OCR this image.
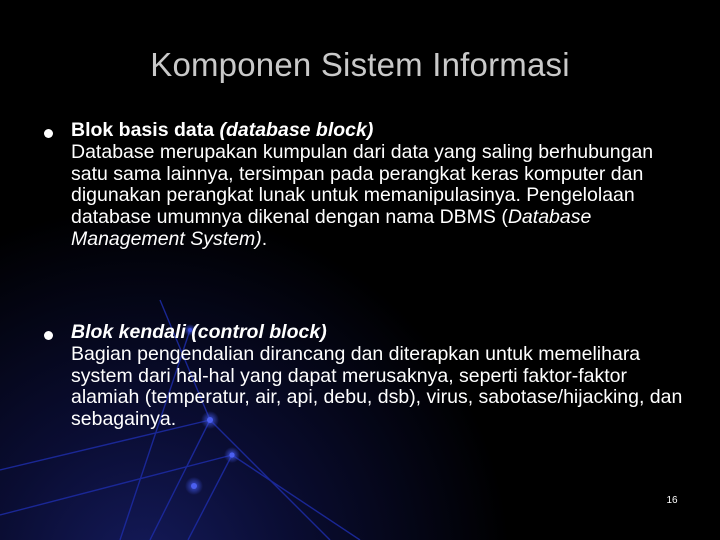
Komponen Sistem Informasi
Blok basis data (database block)
Database merupakan kumpulan dari data yang saling berhubungan satu sama lainnya, tersimpan pada perangkat keras komputer dan digunakan perangkat lunak untuk memanipulasinya. Pengelolaan database umumnya dikenal dengan nama DBMS (Database Management System).
Blok kendali (control block)
Bagian pengendalian dirancang dan diterapkan untuk memelihara system dari hal-hal yang dapat merusaknya, seperti faktor-faktor alamiah (temperatur, air, api, debu, dsb), virus, sabotase/hijacking, dan sebagainya.
16
